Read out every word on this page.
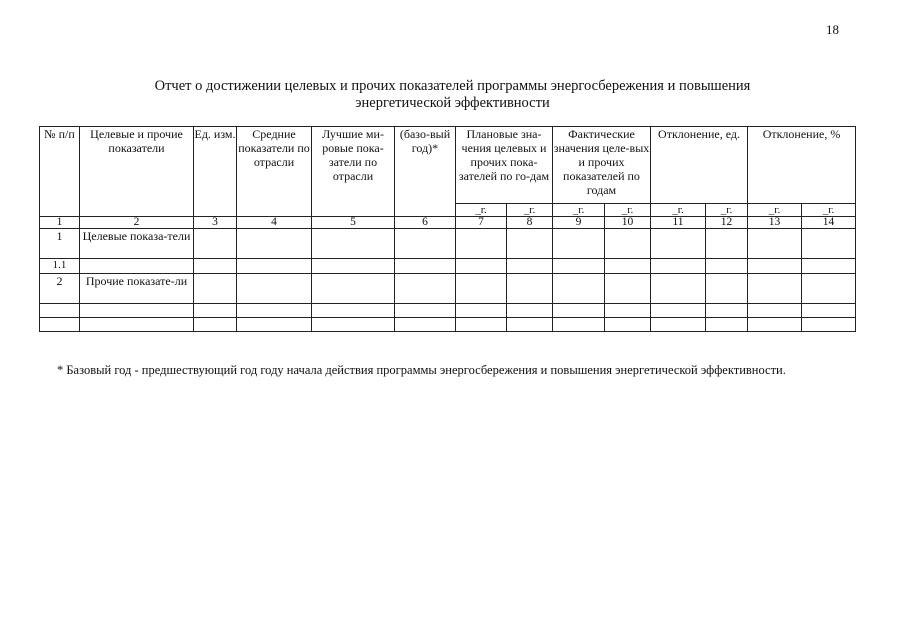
18
Отчет о достижении целевых и прочих показателей программы энергосбережения и повышения
энергетической эффективности
№ п/п	Целевые и прочие показатели	Ед. изм.	Средние показатели по отрасли	Лучшие ми-ровые пока-затели по отрасли	(базо-вый год)*	Плановые зна-чения целевых и прочих пока-зателей по го-дам		Фактические значения целе-вых и прочих показателей по годам		Отклонение, ед.		Отклонение, %	
						_г.	_г.	_г.	_г.	_г.	_г.	_г.	_г.
1	2	3	4	5	6	7	8	9	10	11	12	13	14
1	Целевые показа-тели												
1.1													
2	Прочие показате-ли												

* Базовый год - предшествующий год году начала действия программы энергосбережения и повышения энергетической эффективности.
